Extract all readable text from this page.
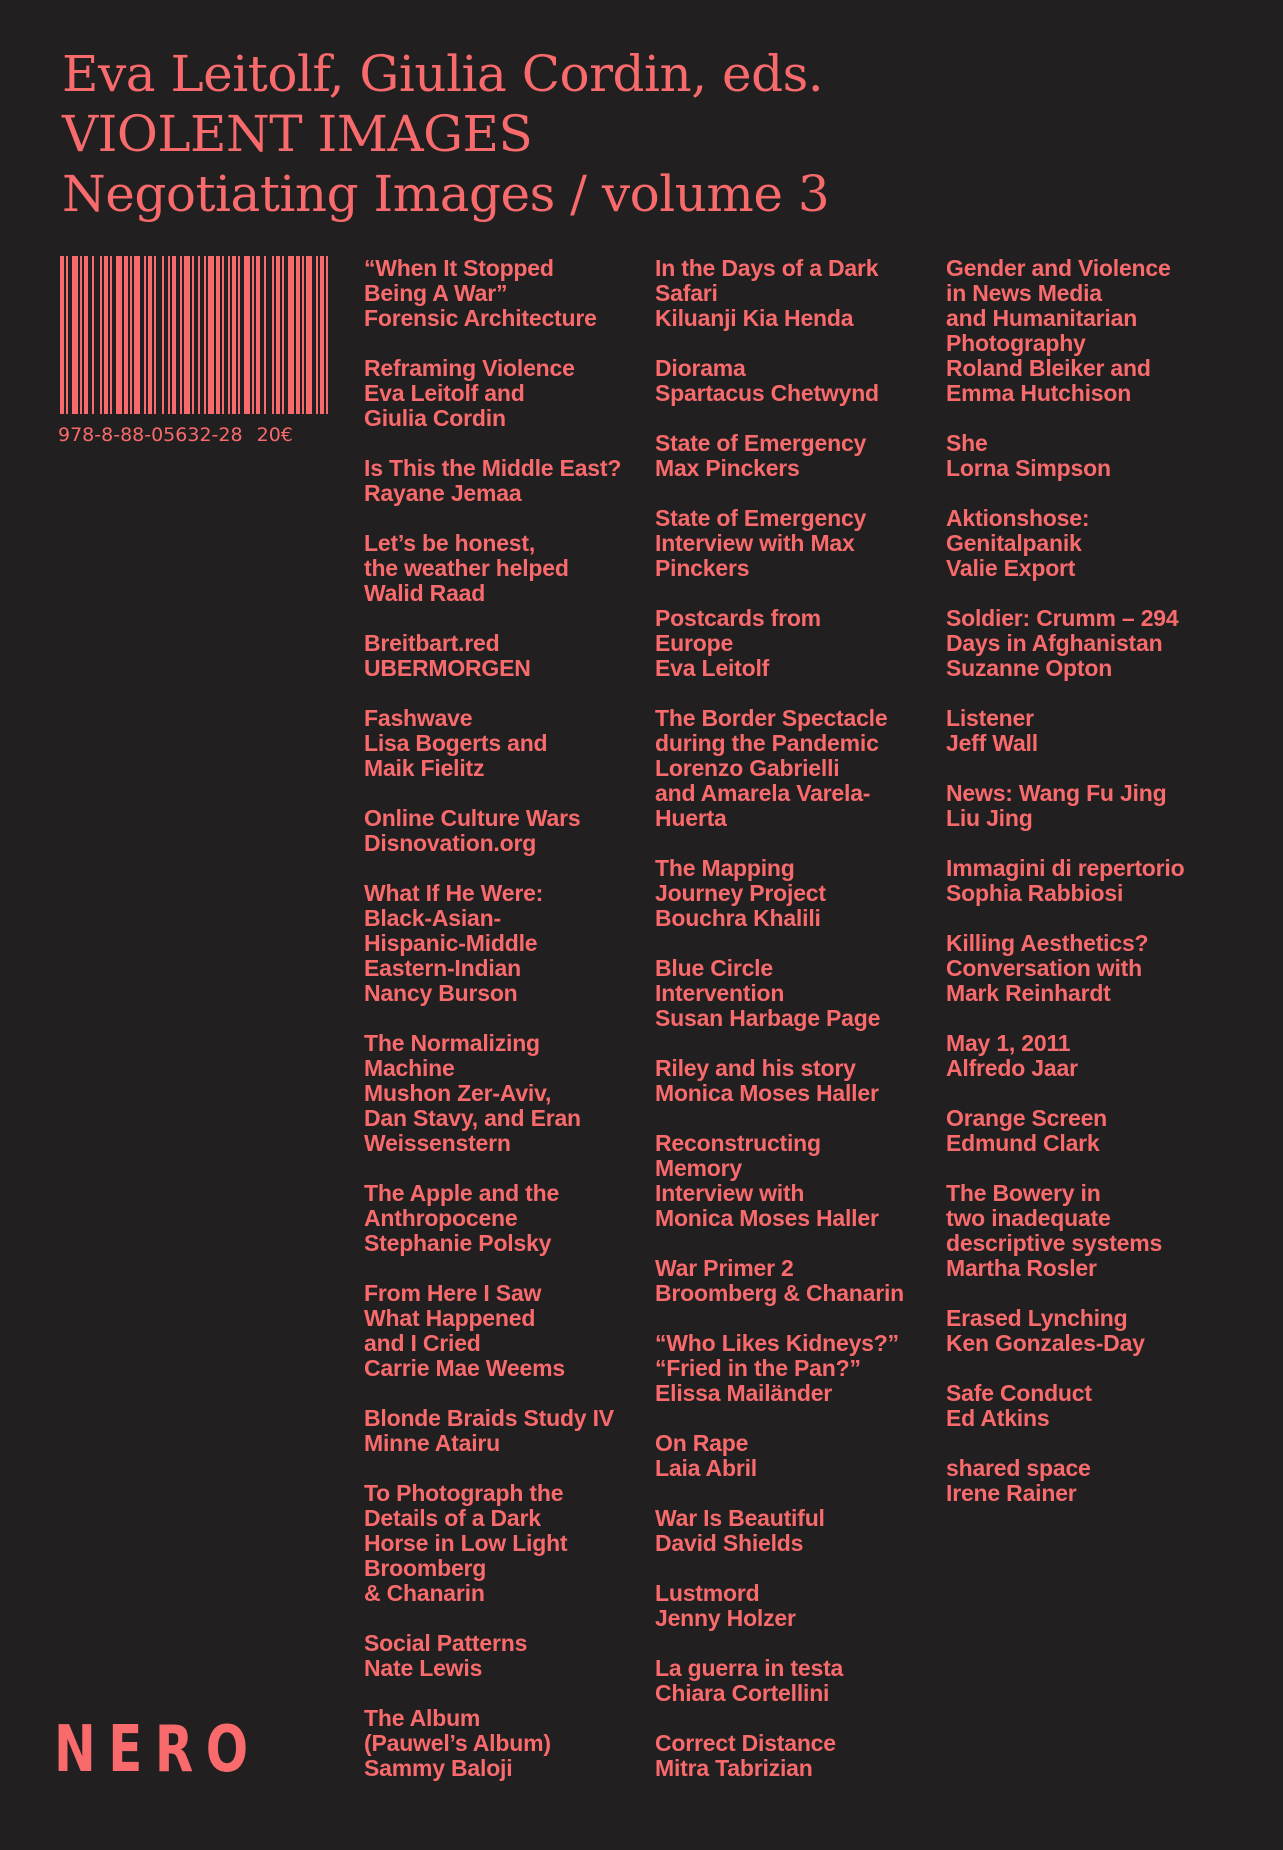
Eva Leitolf, Giulia Cordin, eds.
VIOLENT IMAGES
Negotiating Images / volume 3
978-8-88-05632-28 20€
“When It Stopped
Being A War”
Forensic Architecture
Reframing Violence
Eva Leitolf and
Giulia Cordin
Is This the Middle East?
Rayane Jemaa
Let’s be honest,
the weather helped
Walid Raad
Breitbart.red
UBERMORGEN
Fashwave
Lisa Bogerts and
Maik Fielitz
Online Culture Wars
Disnovation.org
What If He Were:
Black-Asian-
Hispanic-Middle
Eastern-Indian
Nancy Burson
The Normalizing
Machine
Mushon Zer-Aviv,
Dan Stavy, and Eran
Weissenstern
The Apple and the
Anthropocene
Stephanie Polsky
From Here I Saw
What Happened
and I Cried
Carrie Mae Weems
Blonde Braids Study IV
Minne Atairu
To Photograph the
Details of a Dark
Horse in Low Light
Broomberg
& Chanarin
Social Patterns
Nate Lewis
The Album
(Pauwel’s Album)
Sammy Baloji
In the Days of a Dark
Safari
Kiluanji Kia Henda
Diorama
Spartacus Chetwynd
State of Emergency
Max Pinckers
State of Emergency
Interview with Max
Pinckers
Postcards from
Europe
Eva Leitolf
The Border Spectacle
during the Pandemic
Lorenzo Gabrielli
and Amarela Varela-
Huerta
The Mapping
Journey Project
Bouchra Khalili
Blue Circle
Intervention
Susan Harbage Page
Riley and his story
Monica Moses Haller
Reconstructing
Memory
Interview with
Monica Moses Haller
War Primer 2
Broomberg & Chanarin
“Who Likes Kidneys?”
“Fried in the Pan?”
Elissa Mailänder
On Rape
Laia Abril
War Is Beautiful
David Shields
Lustmord
Jenny Holzer
La guerra in testa
Chiara Cortellini
Correct Distance
Mitra Tabrizian
Gender and Violence
in News Media
and Humanitarian
Photography
Roland Bleiker and
Emma Hutchison
She
Lorna Simpson
Aktionshose:
Genitalpanik
Valie Export
Soldier: Crumm – 294
Days in Afghanistan
Suzanne Opton
Listener
Jeff Wall
News: Wang Fu Jing
Liu Jing
Immagini di repertorio
Sophia Rabbiosi
Killing Aesthetics?
Conversation with
Mark Reinhardt
May 1, 2011
Alfredo Jaar
Orange Screen
Edmund Clark
The Bowery in
two inadequate
descriptive systems
Martha Rosler
Erased Lynching
Ken Gonzales-Day
Safe Conduct
Ed Atkins
shared space
Irene Rainer
NERO
